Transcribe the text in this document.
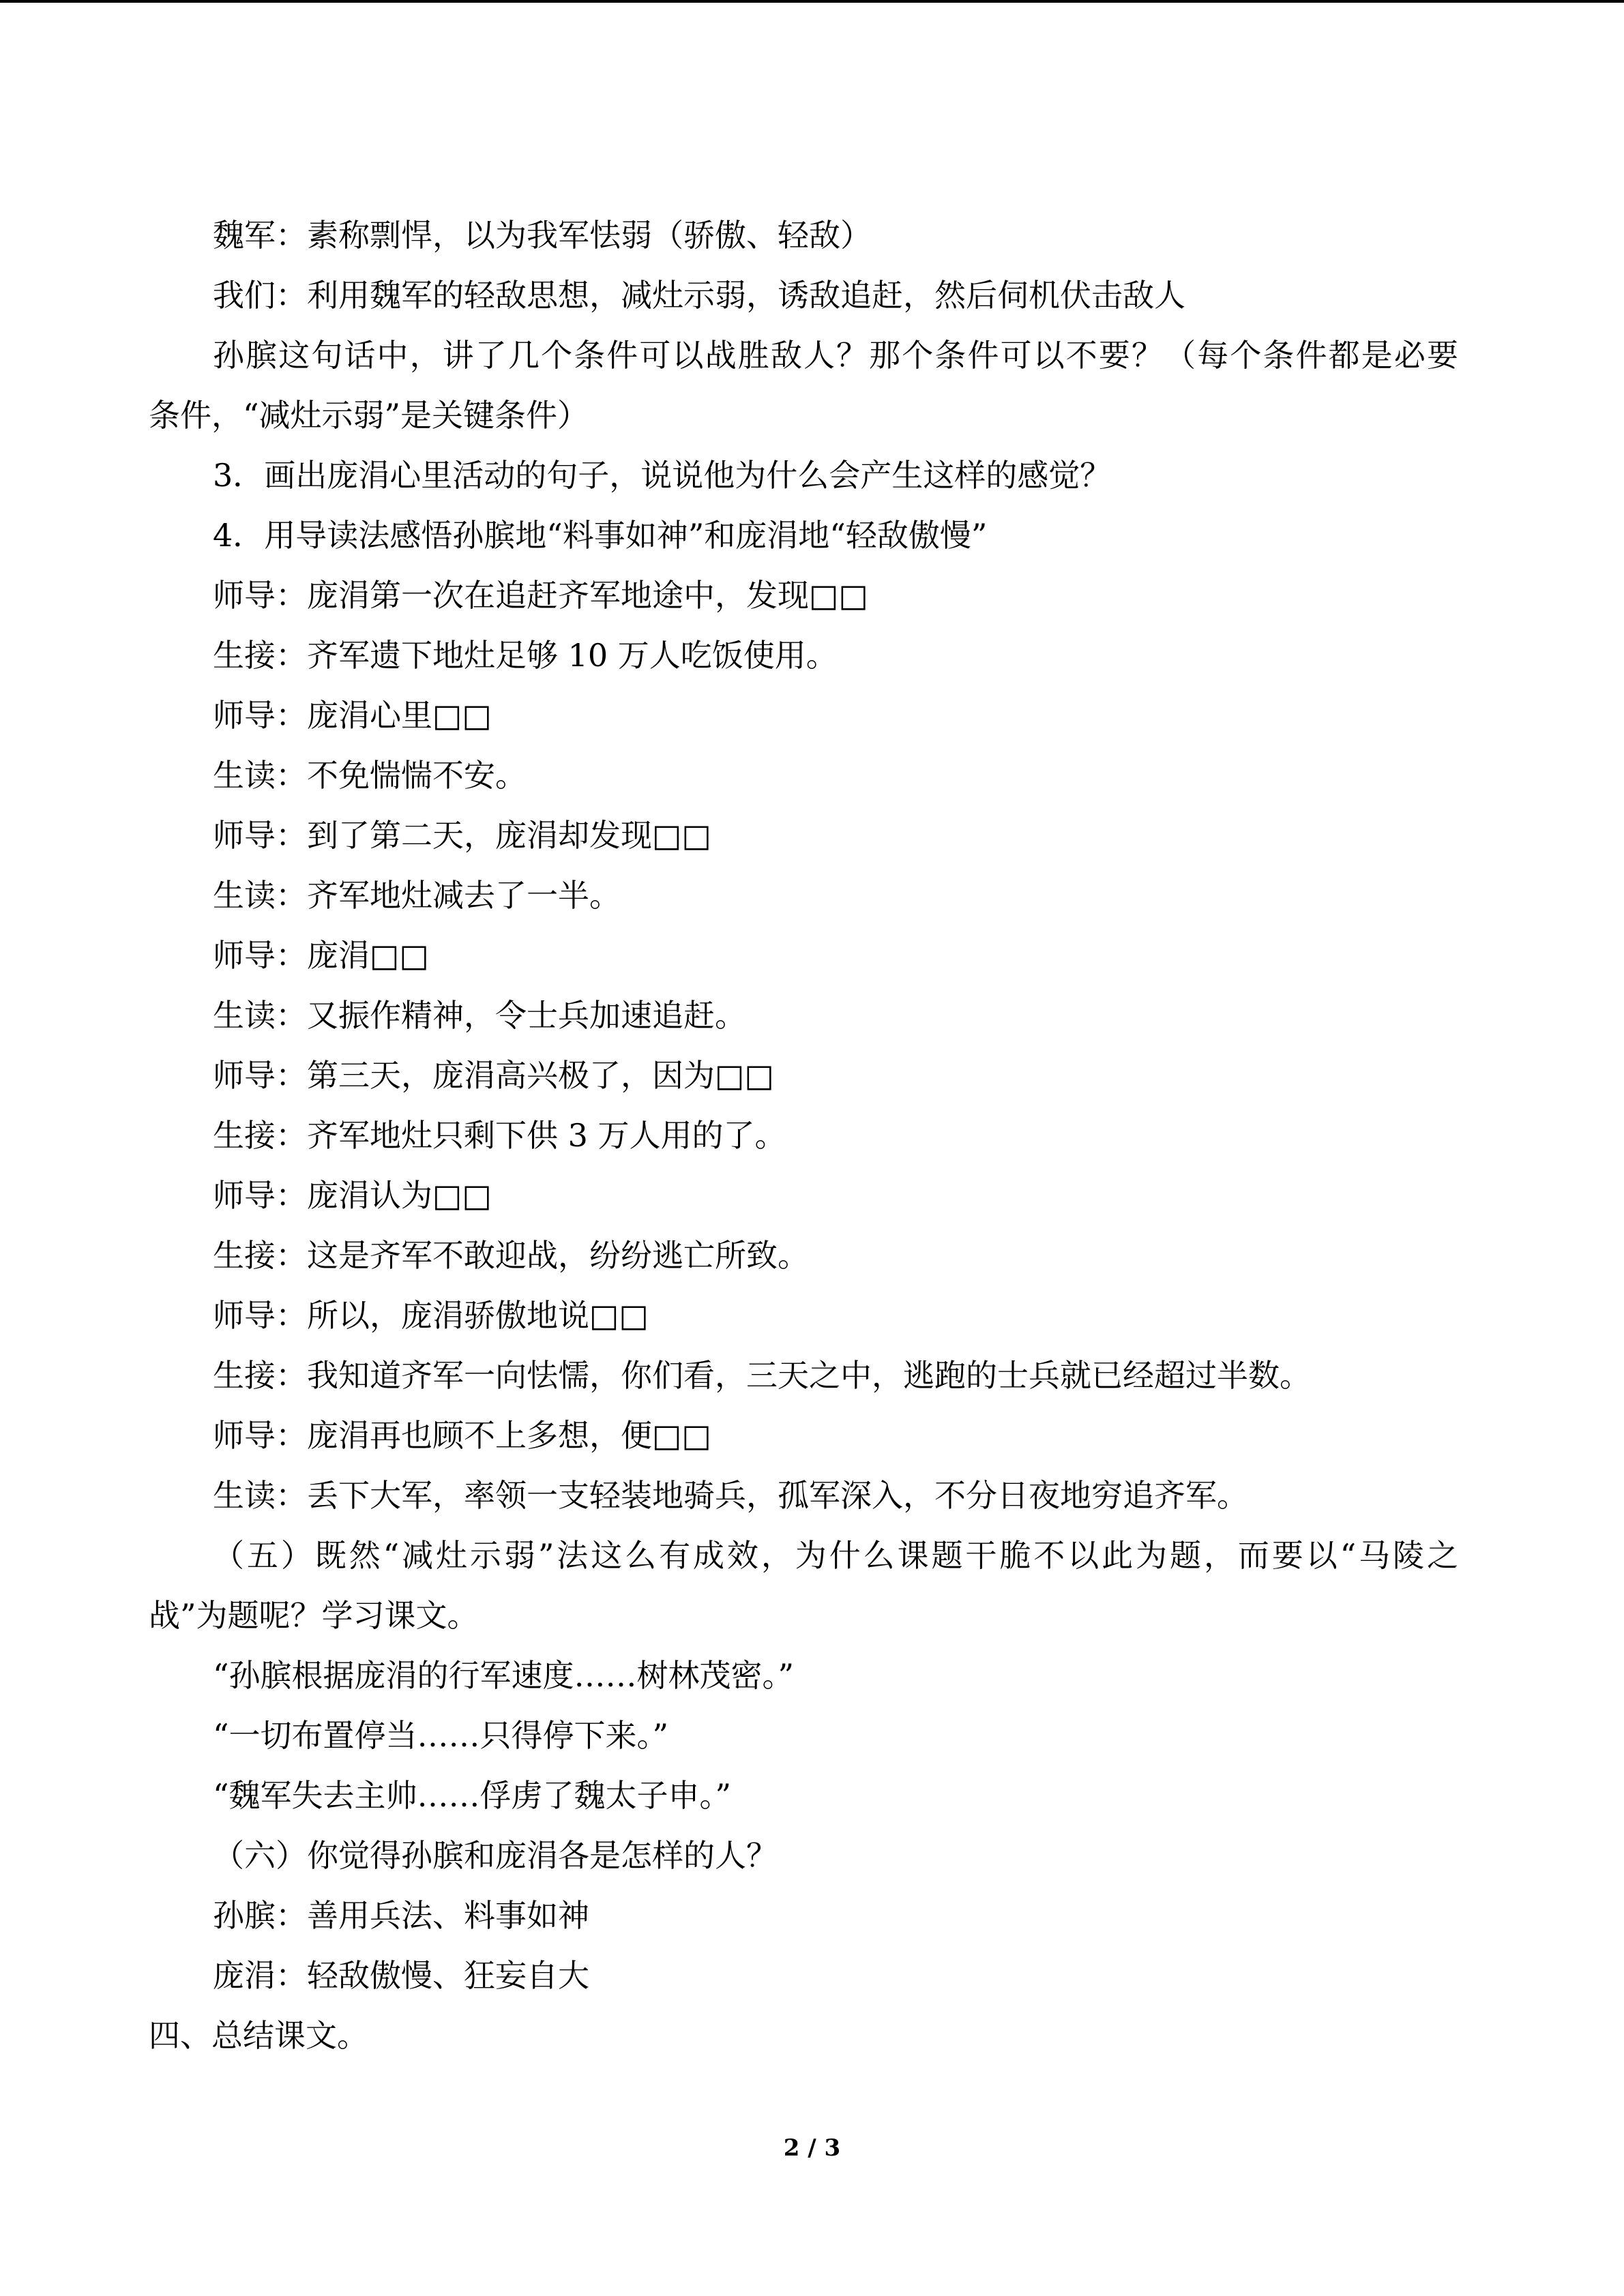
魏军：素称剽悍，以为我军怯弱（骄傲、轻敌）
我们：利用魏军的轻敌思想，减灶示弱，诱敌追赶，然后伺机伏击敌人
孙膑这句话中，讲了几个条件可以战胜敌人？那个条件可以不要？（每个条件都是必要
条件，“减灶示弱”是关键条件）
3．画出庞涓心里活动的句子，说说他为什么会产生这样的感觉？
4．用导读法感悟孙膑地“料事如神”和庞涓地“轻敌傲慢”
师导：庞涓第一次在追赶齐军地途中，发现□□
生接：齐军遗下地灶足够 10 万人吃饭使用。
师导：庞涓心里□□
生读：不免惴惴不安。
师导：到了第二天，庞涓却发现□□
生读：齐军地灶减去了一半。
师导：庞涓□□
生读：又振作精神，令士兵加速追赶。
师导：第三天，庞涓高兴极了，因为□□
生接：齐军地灶只剩下供 3 万人用的了。
师导：庞涓认为□□
生接：这是齐军不敢迎战，纷纷逃亡所致。
师导：所以，庞涓骄傲地说□□
生接：我知道齐军一向怯懦，你们看，三天之中，逃跑的士兵就已经超过半数。
师导：庞涓再也顾不上多想，便□□
生读：丢下大军，率领一支轻装地骑兵，孤军深入，不分日夜地穷追齐军。
（五）既然“减灶示弱”法这么有成效，为什么课题干脆不以此为题，而要以“马陵之
战”为题呢？学习课文。
“孙膑根据庞涓的行军速度……树林茂密。”
“一切布置停当……只得停下来。”
“魏军失去主帅……俘虏了魏太子申。”
（六）你觉得孙膑和庞涓各是怎样的人？
孙膑：善用兵法、料事如神
庞涓：轻敌傲慢、狂妄自大
四、总结课文。
2 / 3
